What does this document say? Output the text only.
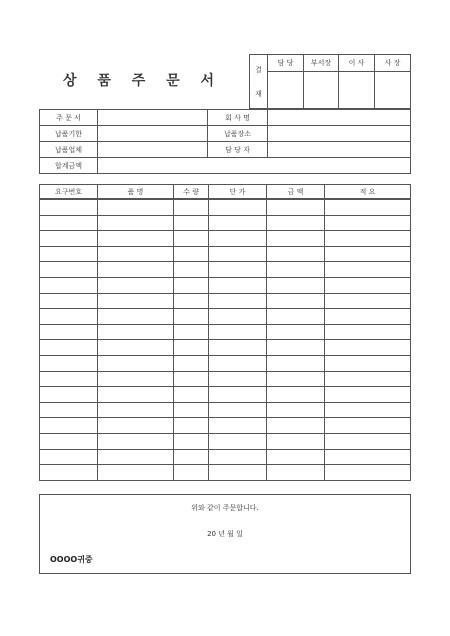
상 품 주 문 서
결
재	담 당	부서장	이 사	사 장

주 문 서		회 사 명	
납품기한		납품장소	
납품업체		담 당 자	
합계금액			
요구번호	품 명	수 량	단 가	금 액	적 요

위와 같이 주문합니다.
20 년 월 일
OOOO귀중
